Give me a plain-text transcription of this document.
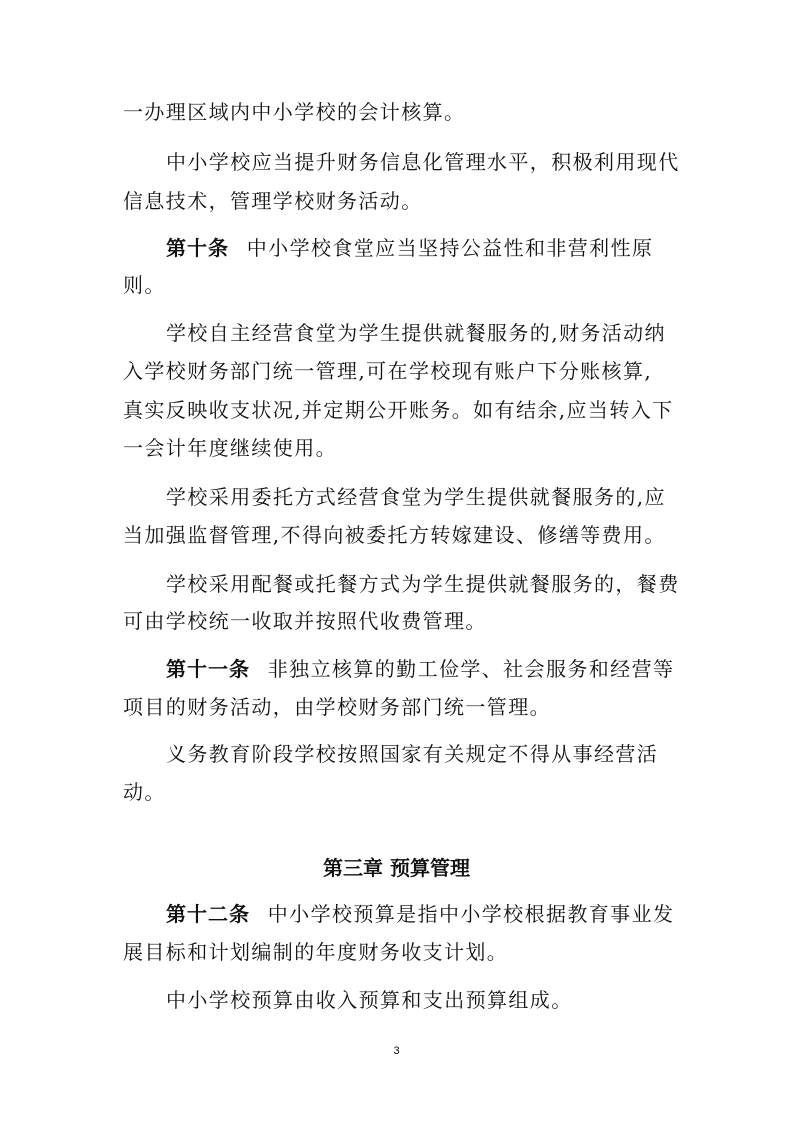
一办理区域内中小学校的会计核算。
中小学校应当提升财务信息化管理水平，积极利用现代
信息技术，管理学校财务活动。
第十条 中小学校食堂应当坚持公益性和非营利性原
则。
学校自主经营食堂为学生提供就餐服务的,财务活动纳
入学校财务部门统一管理,可在学校现有账户下分账核算,
真实反映收支状况,并定期公开账务。如有结余,应当转入下
一会计年度继续使用。
学校采用委托方式经营食堂为学生提供就餐服务的,应
当加强监督管理,不得向被委托方转嫁建设、修缮等费用。
学校采用配餐或托餐方式为学生提供就餐服务的，餐费
可由学校统一收取并按照代收费管理。
第十一条 非独立核算的勤工俭学、社会服务和经营等
项目的财务活动，由学校财务部门统一管理。
义务教育阶段学校按照国家有关规定不得从事经营活
动。
第三章 预算管理
第十二条 中小学校预算是指中小学校根据教育事业发
展目标和计划编制的年度财务收支计划。
中小学校预算由收入预算和支出预算组成。
3
